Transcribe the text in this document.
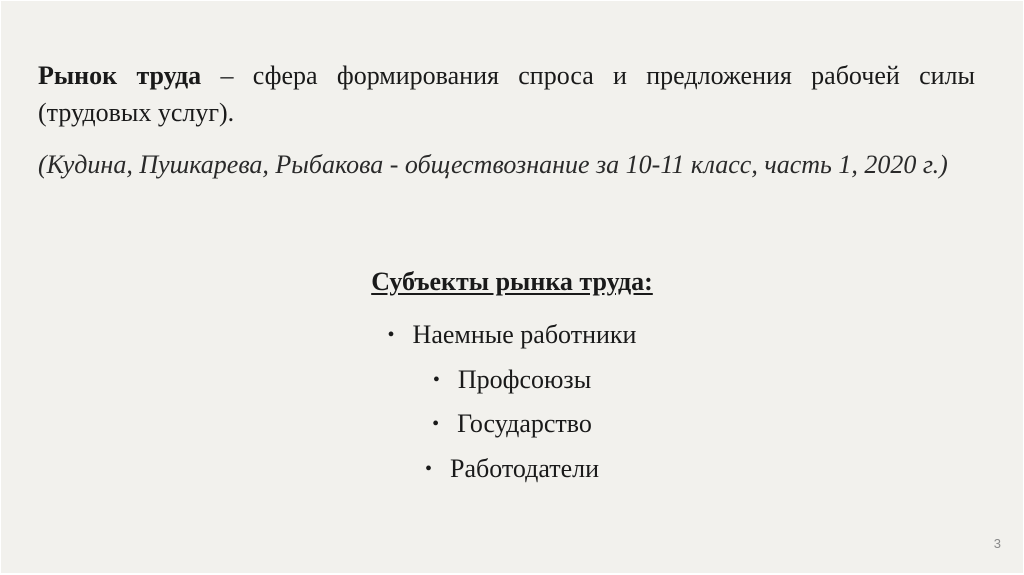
Рынок труда – сфера формирования спроса и предложения рабочей силы (трудовых услуг).

(Кудина, Пушкарева, Рыбакова - обществознание за 10-11 класс, часть 1, 2020 г.)

Субъекты рынка труда:

• Наемные работники
• Профсоюзы
• Государство
• Работодатели
3
